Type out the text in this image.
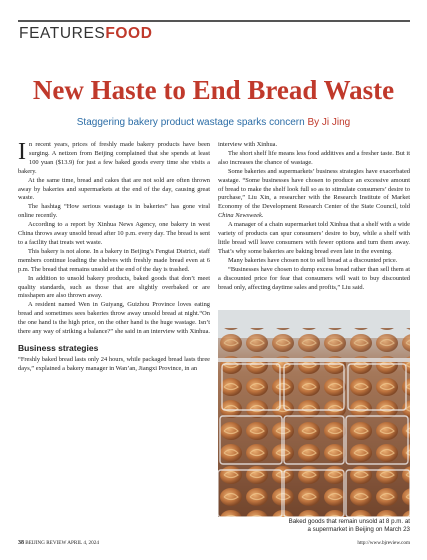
FEATURESFOOD
New Haste to End Bread Waste
Staggering bakery product wastage sparks concern By Ji Jing

In recent years, prices of freshly made bakery products have been surging. A netizen from Beijing complained that she spends at least 100 yuan ($13.9) for just a few baked goods every time she visits a bakery.

At the same time, bread and cakes that are not sold are often thrown away by bakeries and supermarkets at the end of the day, causing great waste.

The hashtag “How serious wastage is in bakeries” has gone viral online recently.

According to a report by Xinhua News Agency, one bakery in west China throws away unsold bread after 10 p.m. every day. The bread is sent to a facility that treats wet waste.

This bakery is not alone. In a bakery in Beijing’s Fengtai District, staff members continue loading the shelves with freshly made bread even at 6 p.m. The bread that remains unsold at the end of the day is trashed.

In addition to unsold bakery products, baked goods that don’t meet quality standards, such as those that are slightly overbaked or are misshapen are also thrown away.

A resident named Wen in Guiyang, Guizhou Province loves eating bread and sometimes sees bakeries throw away unsold bread at night.“On the one hand is the high price, on the other hand is the huge wastage. Isn’t there any way of striking a balance?” she said in an interview with Xinhua.

Business strategies

“Freshly baked bread lasts only 24 hours, while packaged bread lasts three days,” explained a bakery manager in Wan’an, Jiangxi Province, in an

interview with Xinhua.

The short shelf life means less food additives and a fresher taste. But it also increases the chance of wastage.

Some bakeries and supermarkets’ business strategies have exacerbated wastage. “Some businesses have chosen to produce an excessive amount of bread to make the shelf look full so as to stimulate consumers’ desire to purchase,” Liu Xin, a researcher with the Research Institute of Market Economy of the Development Research Center of the State Council, told China Newsweek.

A manager of a chain supermarket told Xinhua that a shelf with a wide variety of products can spur consumers’ desire to buy, while a shelf with little bread will leave consumers with fewer options and turn them away. That’s why some bakeries are baking bread even late in the evening.

Many bakeries have chosen not to sell bread at a discounted price.

“Businesses have chosen to dump excess bread rather than sell them at a discounted price for fear that consumers will wait to buy discounted bread only, affecting daytime sales and profits,” Liu said.

Baked goods that remain unsold at 8 p.m. at
a supermarket in Beijing on March 23
38 BEIJING REVIEW APRIL 4, 2024	http://www.bjreview.com
